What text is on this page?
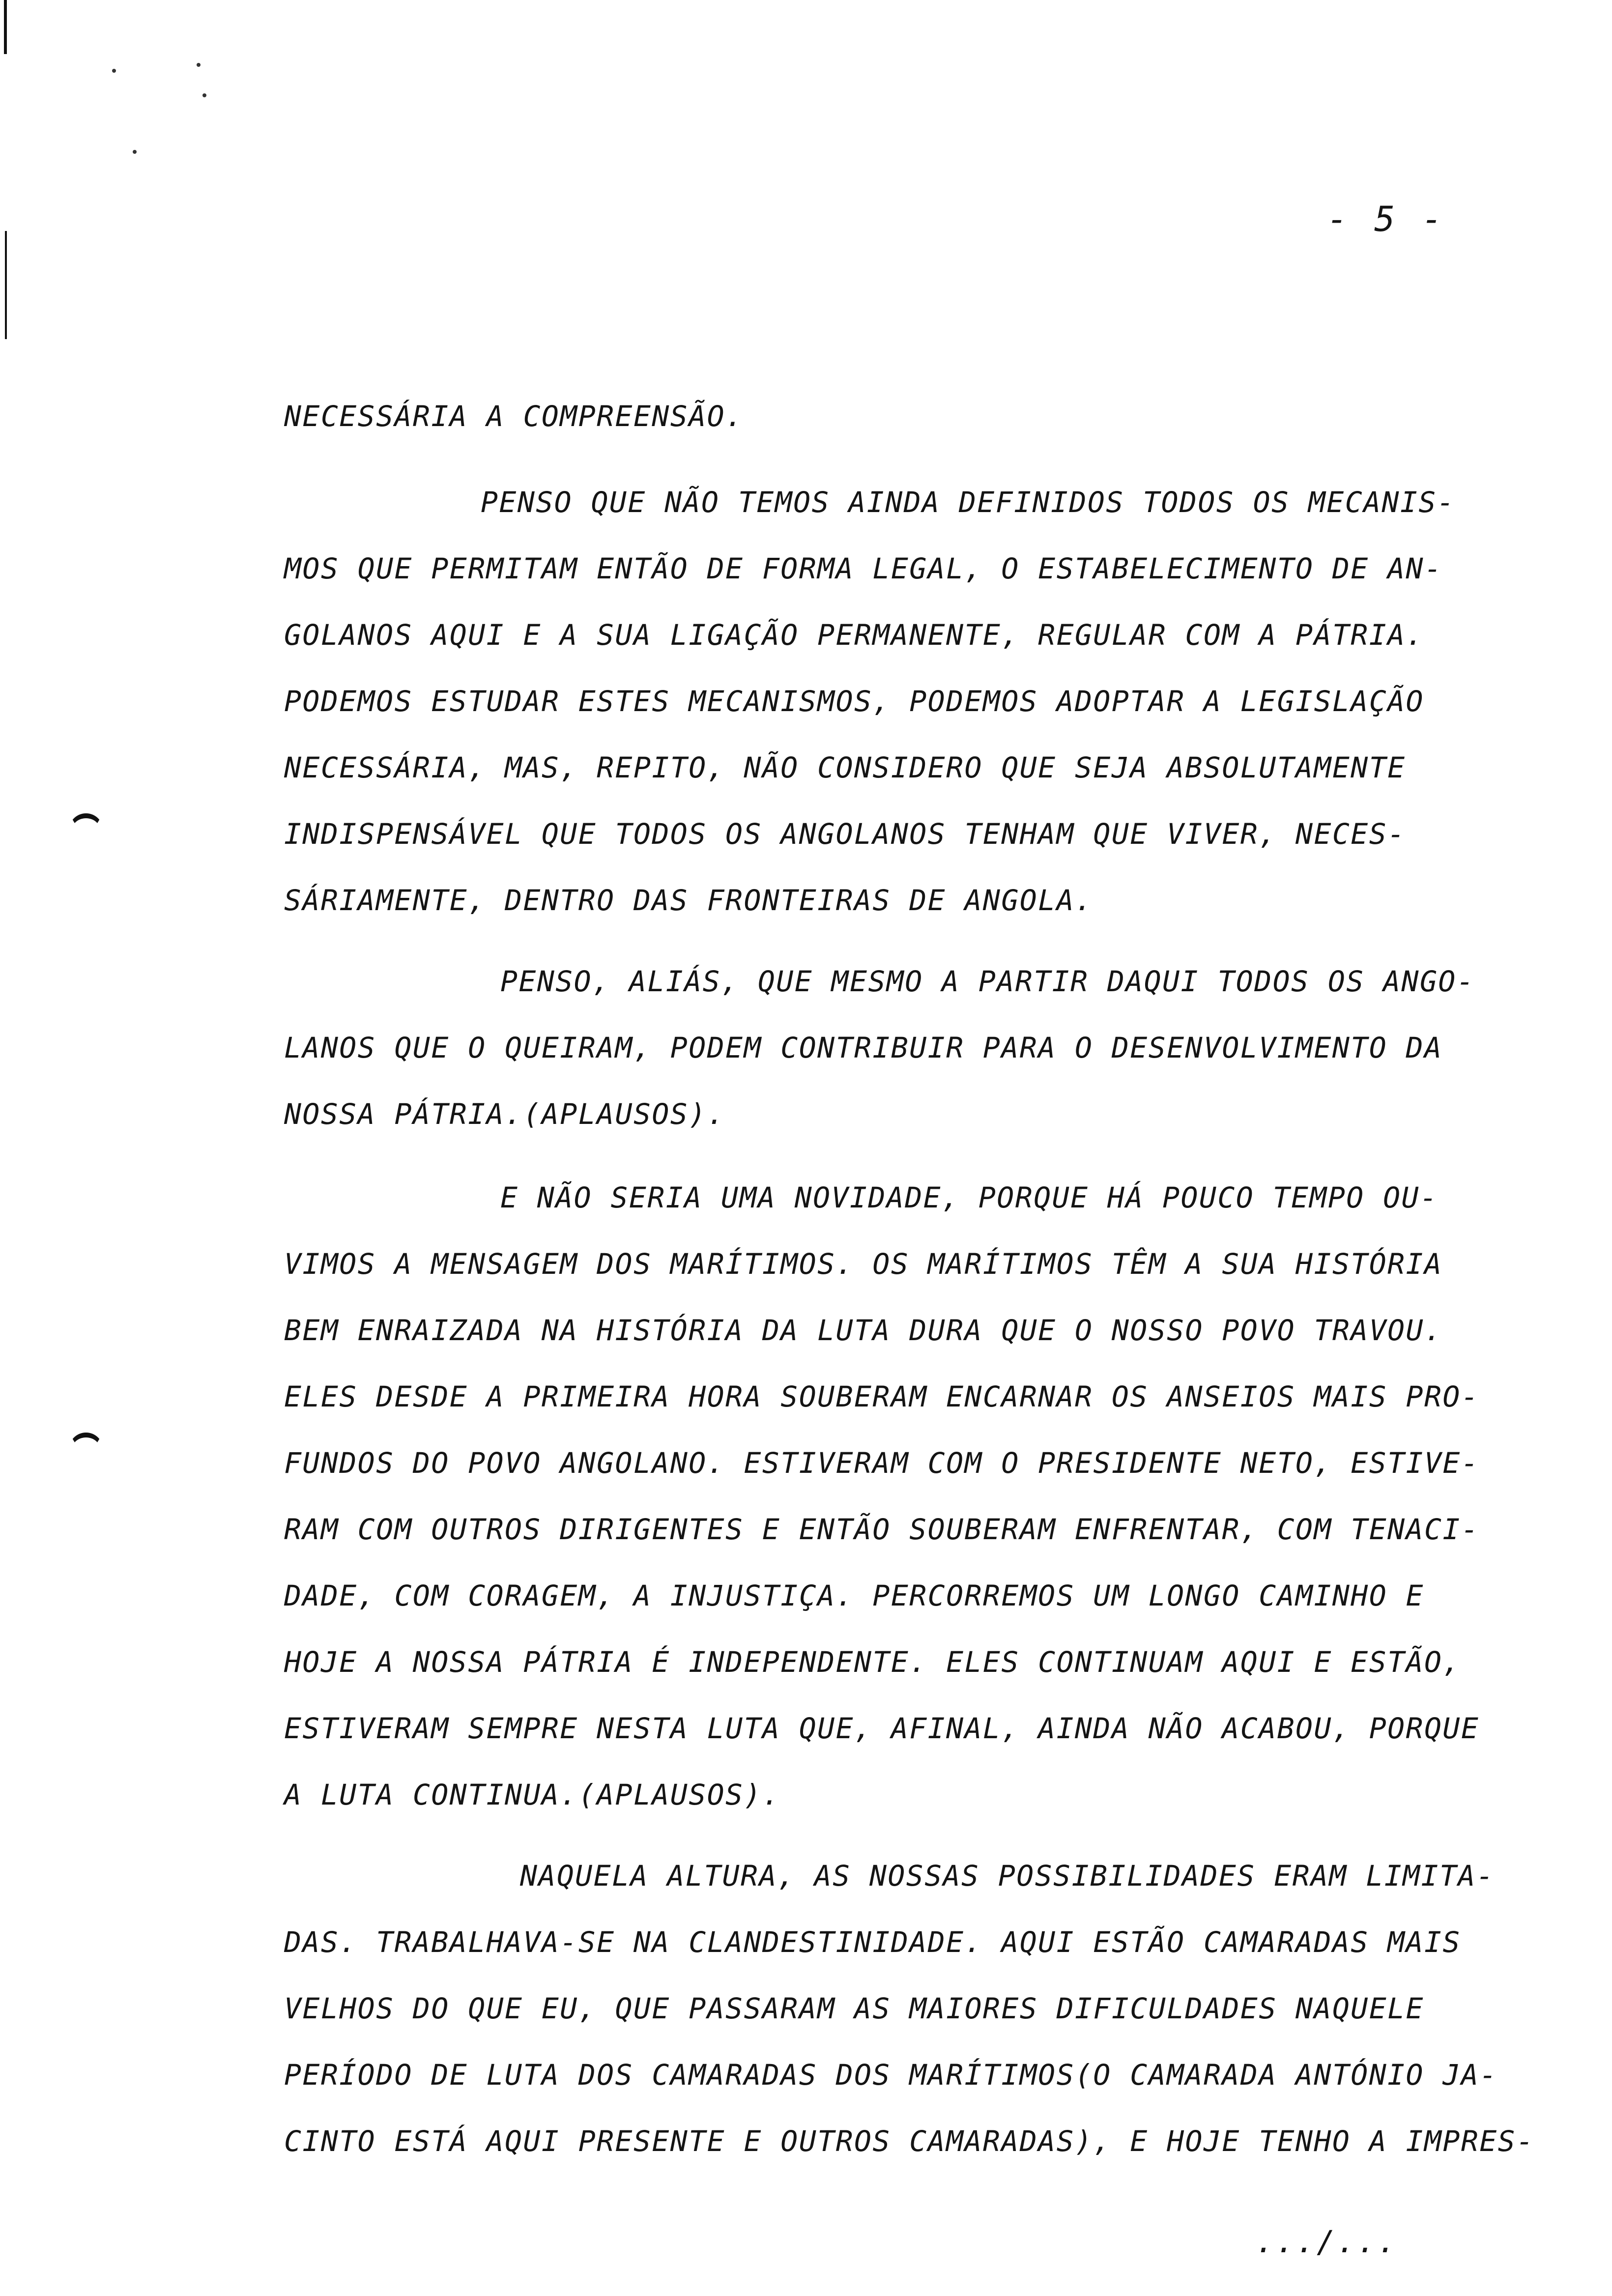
- 5 -
NECESSÁRIA A COMPREENSÃO.
PENSO QUE NÃO TEMOS AINDA DEFINIDOS TODOS OS MECANIS-
MOS QUE PERMITAM ENTÃO DE FORMA LEGAL, O ESTABELECIMENTO DE AN-
GOLANOS AQUI E A SUA LIGAÇÃO PERMANENTE, REGULAR COM A PÁTRIA.
PODEMOS ESTUDAR ESTES MECANISMOS, PODEMOS ADOPTAR A LEGISLAÇÃO
NECESSÁRIA, MAS, REPITO, NÃO CONSIDERO QUE SEJA ABSOLUTAMENTE
INDISPENSÁVEL QUE TODOS OS ANGOLANOS TENHAM QUE VIVER, NECES-
SÁRIAMENTE, DENTRO DAS FRONTEIRAS DE ANGOLA.
PENSO, ALIÁS, QUE MESMO A PARTIR DAQUI TODOS OS ANGO-
LANOS QUE O QUEIRAM, PODEM CONTRIBUIR PARA O DESENVOLVIMENTO DA
NOSSA PÁTRIA.(APLAUSOS).
E NÃO SERIA UMA NOVIDADE, PORQUE HÁ POUCO TEMPO OU-
VIMOS A MENSAGEM DOS MARÍTIMOS. OS MARÍTIMOS TÊM A SUA HISTÓRIA
BEM ENRAIZADA NA HISTÓRIA DA LUTA DURA QUE O NOSSO POVO TRAVOU.
ELES DESDE A PRIMEIRA HORA SOUBERAM ENCARNAR OS ANSEIOS MAIS PRO-
FUNDOS DO POVO ANGOLANO. ESTIVERAM COM O PRESIDENTE NETO, ESTIVE-
RAM COM OUTROS DIRIGENTES E ENTÃO SOUBERAM ENFRENTAR, COM TENACI-
DADE, COM CORAGEM, A INJUSTIÇA. PERCORREMOS UM LONGO CAMINHO E
HOJE A NOSSA PÁTRIA É INDEPENDENTE. ELES CONTINUAM AQUI E ESTÃO,
ESTIVERAM SEMPRE NESTA LUTA QUE, AFINAL, AINDA NÃO ACABOU, PORQUE
A LUTA CONTINUA.(APLAUSOS).
NAQUELA ALTURA, AS NOSSAS POSSIBILIDADES ERAM LIMITA-
DAS. TRABALHAVA-SE NA CLANDESTINIDADE. AQUI ESTÃO CAMARADAS MAIS
VELHOS DO QUE EU, QUE PASSARAM AS MAIORES DIFICULDADES NAQUELE
PERÍODO DE LUTA DOS CAMARADAS DOS MARÍTIMOS(O CAMARADA ANTÓNIO JA-
CINTO ESTÁ AQUI PRESENTE E OUTROS CAMARADAS), E HOJE TENHO A IMPRES-
.../...
